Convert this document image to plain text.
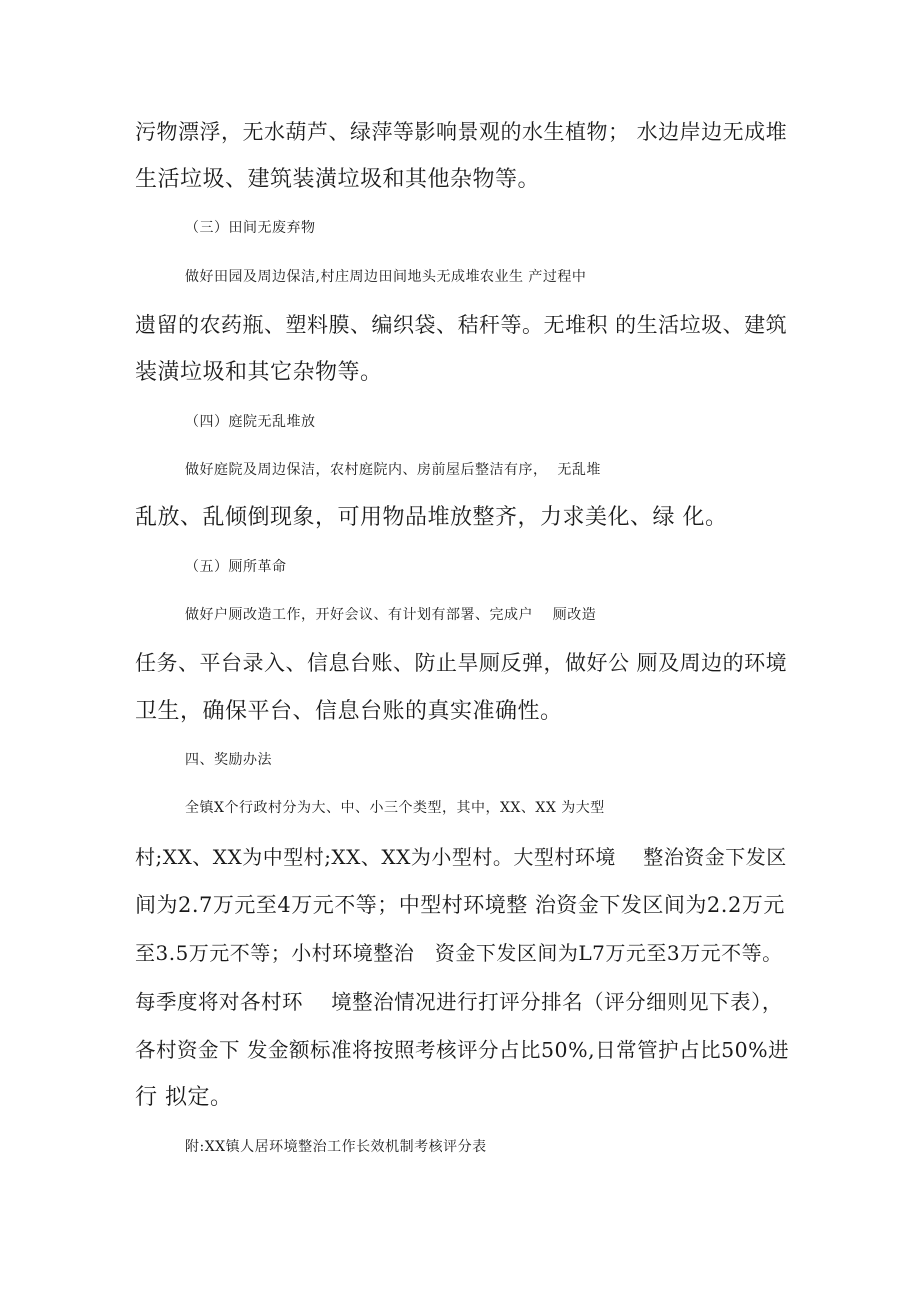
污物漂浮，无水葫芦、绿萍等影响景观的水生植物； 水边岸边无成堆
生活垃圾、建筑装潢垃圾和其他杂物等。
（三）田间无废弃物
做好田园及周边保洁,村庄周边田间地头无成堆农业生 产过程中
遗留的农药瓶、塑料膜、编织袋、秸秆等。无堆积 的生活垃圾、建筑
装潢垃圾和其它杂物等。
（四）庭院无乱堆放
做好庭院及周边保洁，农村庭院内、房前屋后整洁有序，  无乱堆
乱放、乱倾倒现象，可用物品堆放整齐，力求美化、绿 化。
（五）厕所革命
做好户厕改造工作，开好会议、有计划有部署、完成户    厕改造
任务、平台录入、信息台账、防止旱厕反弹，做好公 厕及周边的环境
卫生，确保平台、信息台账的真实准确性。
四、奖励办法
全镇X个行政村分为大、中、小三个类型，其中，XX、XX 为大型
村;XX、XX为中型村;XX、XX为小型村。大型村环境    整治资金下发区
间为2.7万元至4万元不等；中型村环境整 治资金下发区间为2.2万元
至3.5万元不等；小村环境整治   资金下发区间为L7万元至3万元不等。
每季度将对各村环    境整治情况进行打评分排名（评分细则见下表），
各村资金下 发金额标准将按照考核评分占比50%,日常管护占比50%进
行 拟定。
附:XX镇人居环境整治工作长效机制考核评分表
